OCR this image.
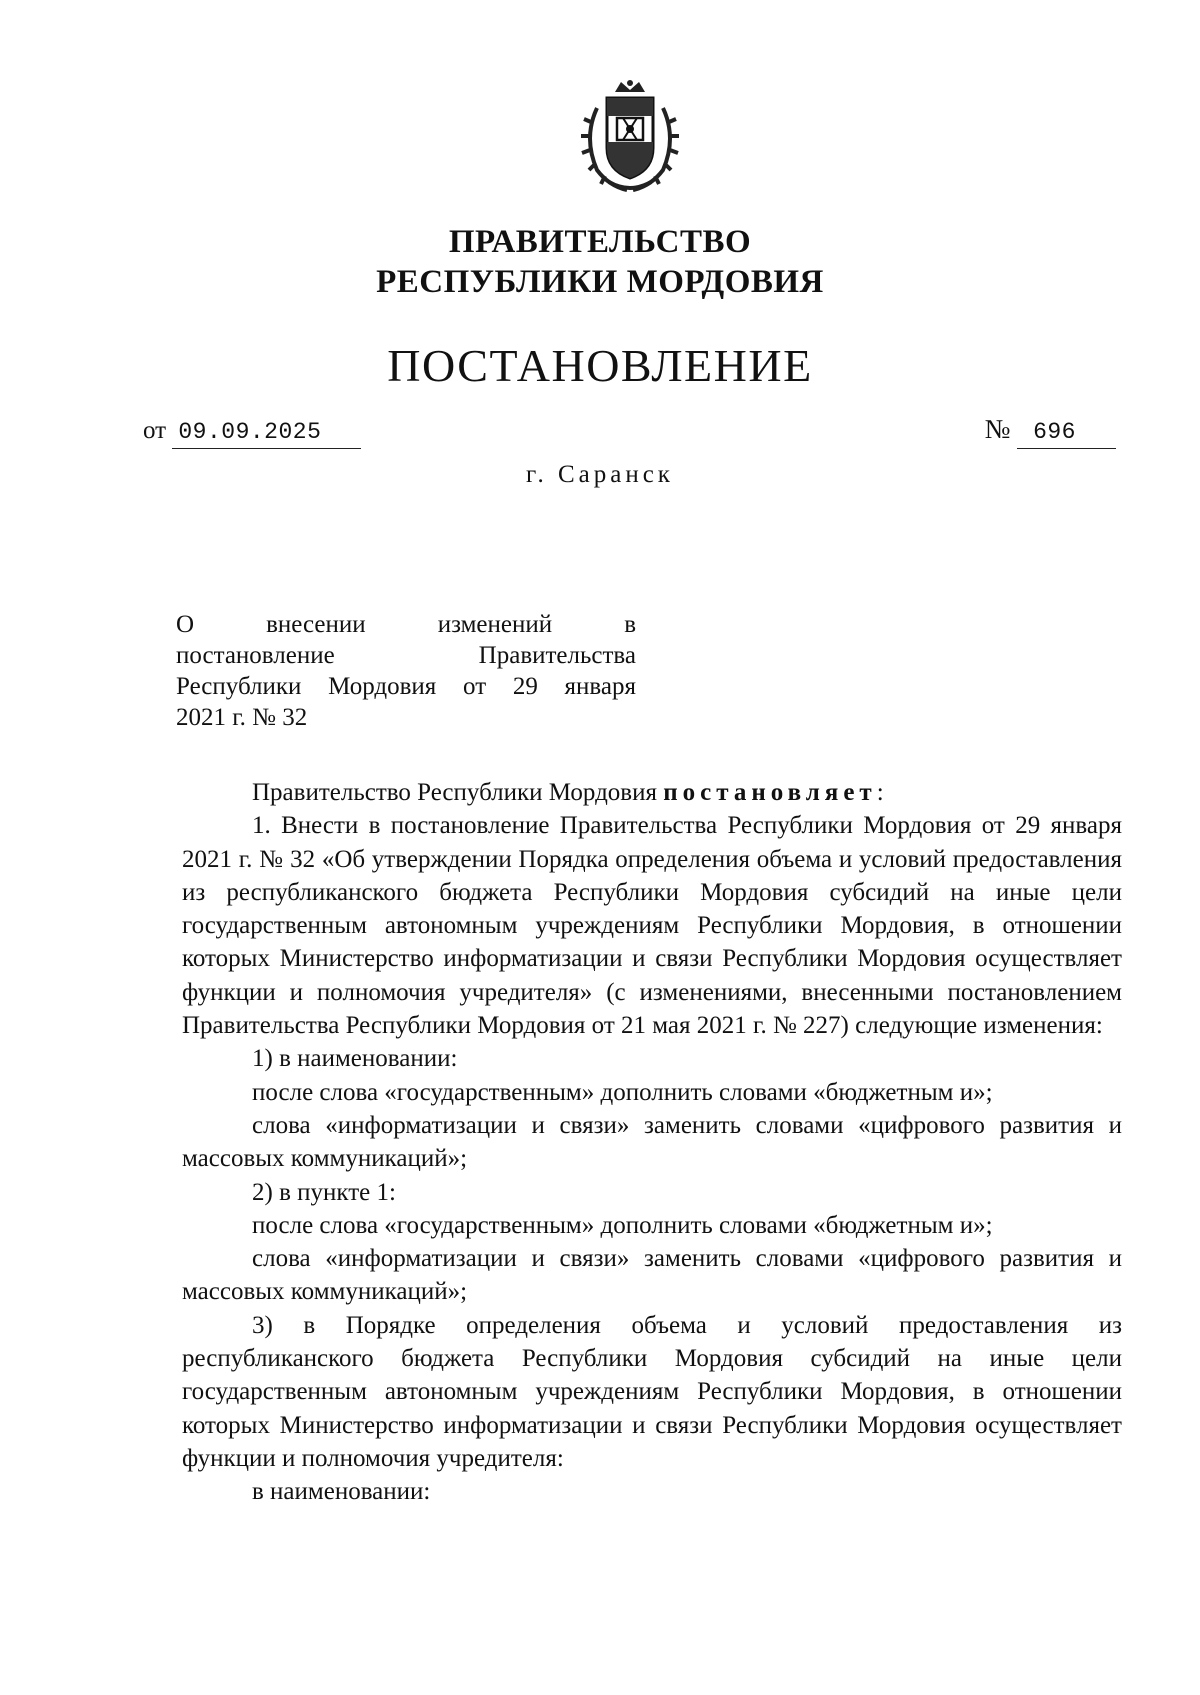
ПРАВИТЕЛЬСТВО
РЕСПУБЛИКИ МОРДОВИЯ
ПОСТАНОВЛЕНИЕ
от 09.09.2025	№ 696
г. Саранск
О внесении изменений в
постановление Правительства
Республики Мордовия от 29 января
2021 г. № 32
Правительство Республики Мордовия постановляет:
1. Внести в постановление Правительства Республики Мордовия от 29 января 2021 г. № 32 «Об утверждении Порядка определения объема и условий предоставления из республиканского бюджета Республики Мордовия субсидий на иные цели государственным автономным учреждениям Республики Мордовия, в отношении которых Министерство информатизации и связи Республики Мордовия осуществляет функции и полномочия учредителя» (с изменениями, внесенными постановлением Правительства Республики Мордовия от 21 мая 2021 г. № 227) следующие изменения:
1) в наименовании:
после слова «государственным» дополнить словами «бюджетным и»;
слова «информатизации и связи» заменить словами «цифрового развития и массовых коммуникаций»;
2) в пункте 1:
после слова «государственным» дополнить словами «бюджетным и»;
слова «информатизации и связи» заменить словами «цифрового развития и массовых коммуникаций»;
3) в Порядке определения объема и условий предоставления из республиканского бюджета Республики Мордовия субсидий на иные цели государственным автономным учреждениям Республики Мордовия, в отношении которых Министерство информатизации и связи Республики Мордовия осуществляет функции и полномочия учредителя:
в наименовании:
